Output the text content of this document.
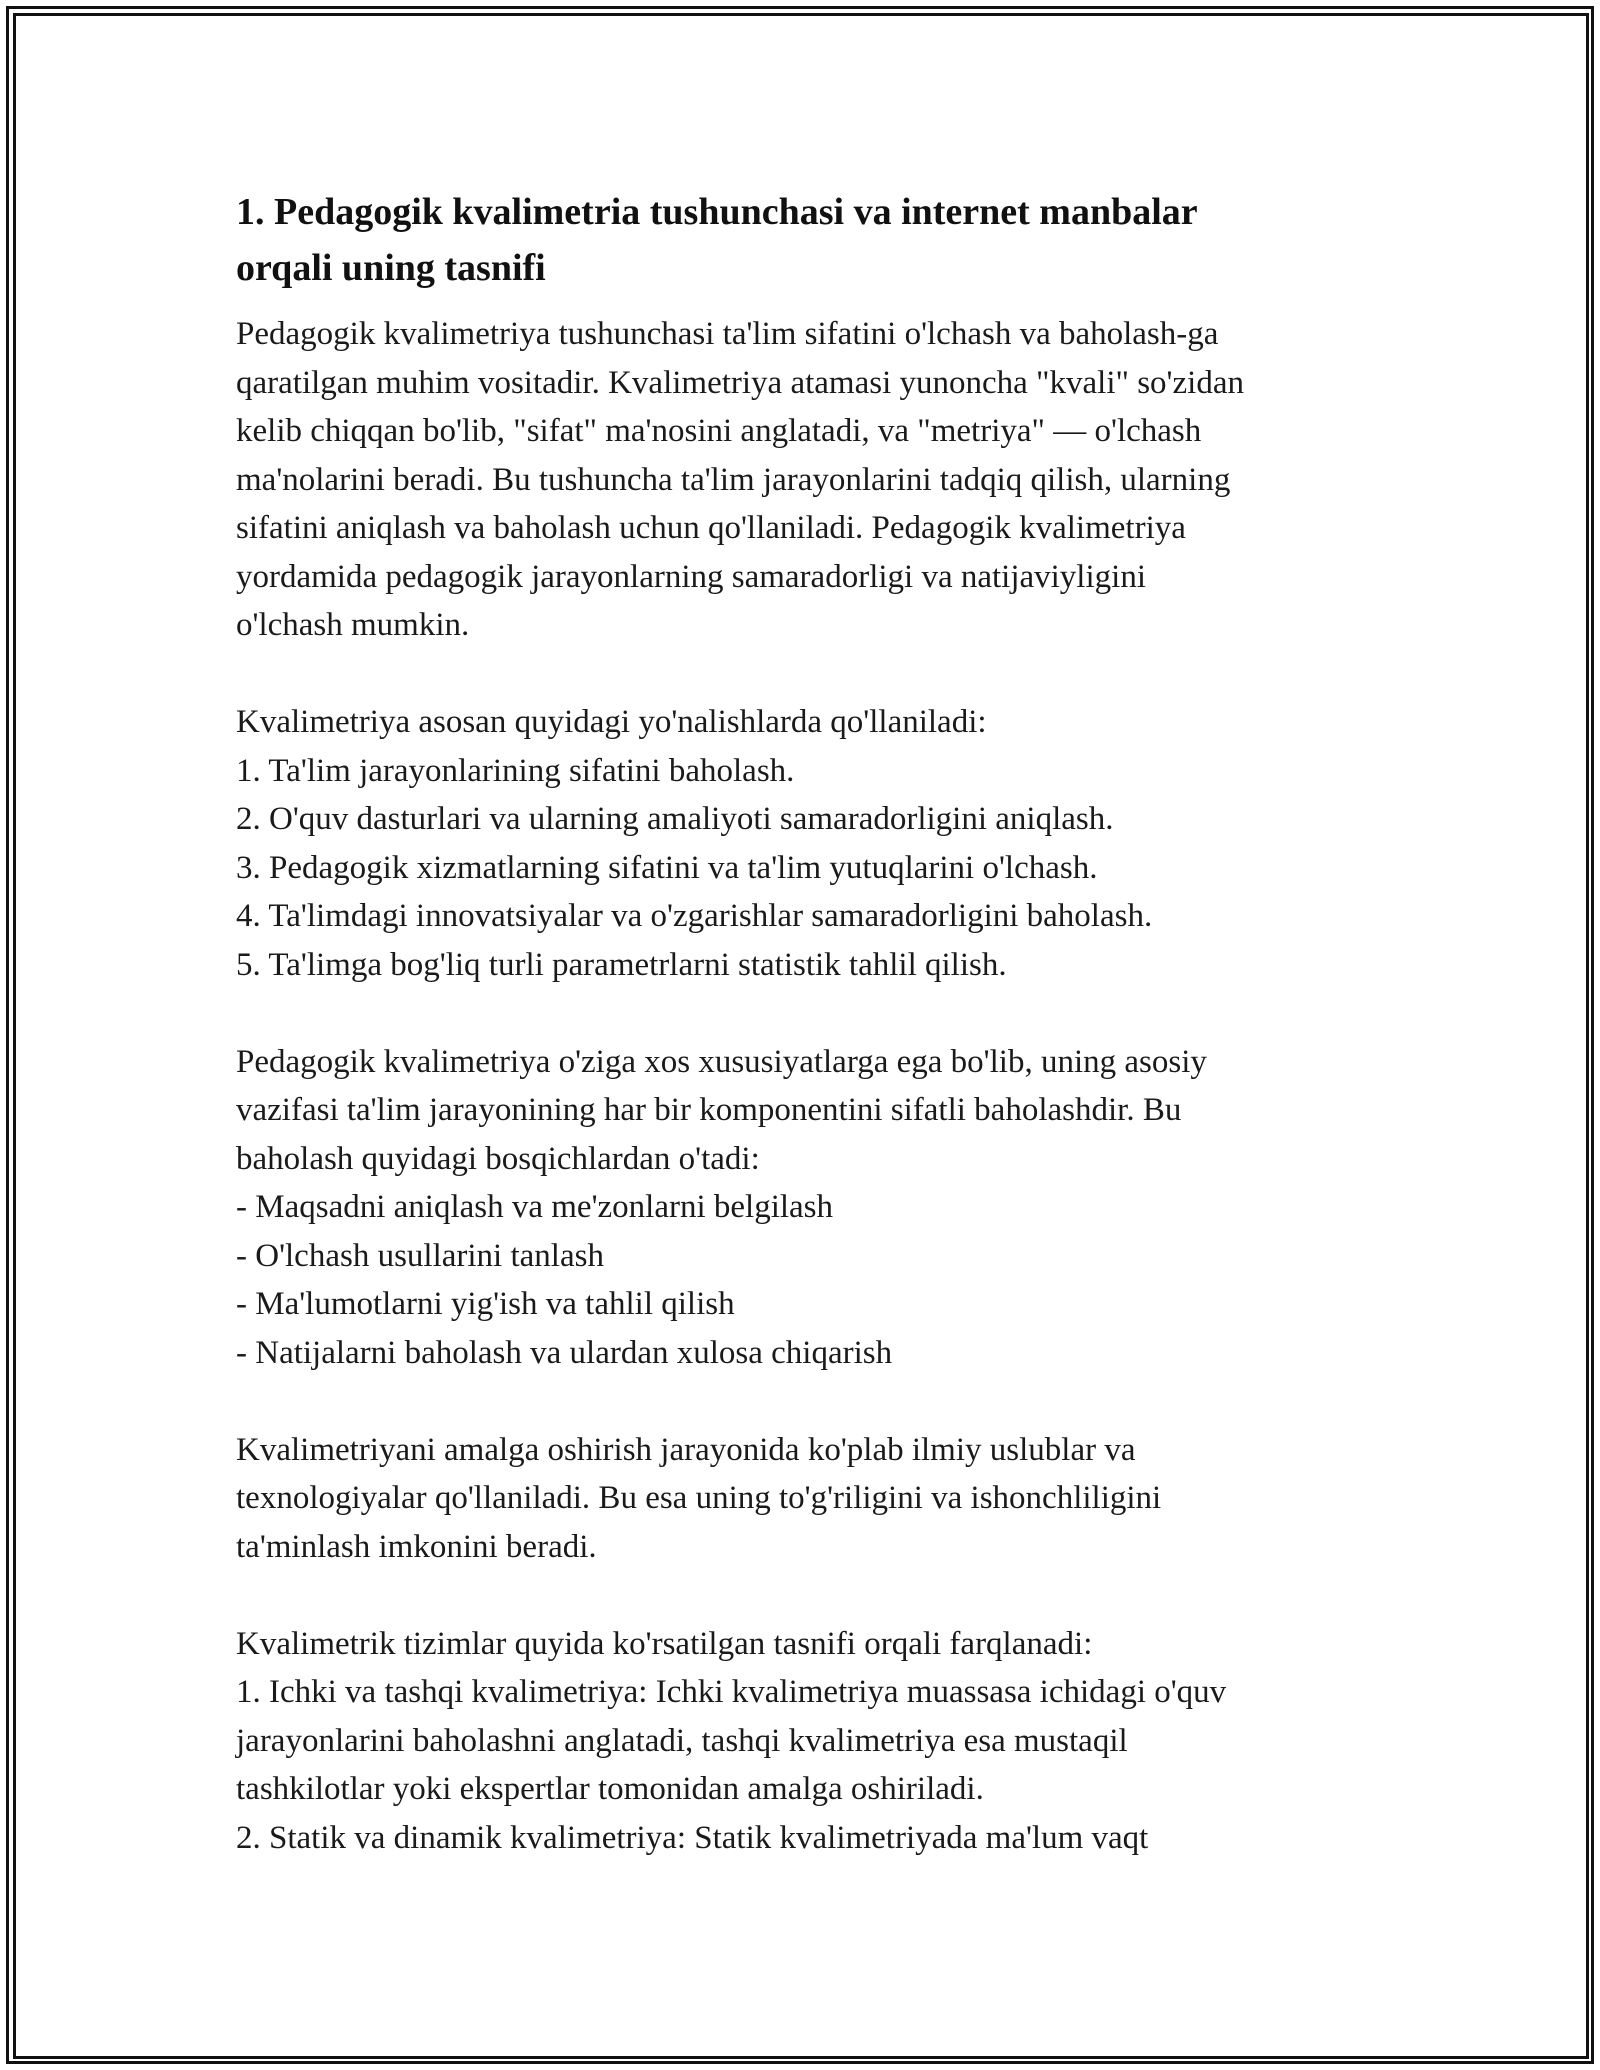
1. Pedagogik kvalimetria tushunchasi va internet manbalar
orqali uning tasnifi

Pedagogik kvalimetriya tushunchasi ta'lim sifatini o'lchash va baholash-ga
qaratilgan muhim vositadir. Kvalimetriya atamasi yunoncha "kvali" so'zidan
kelib chiqqan bo'lib, "sifat" ma'nosini anglatadi, va "metriya" — o'lchash
ma'nolarini beradi. Bu tushuncha ta'lim jarayonlarini tadqiq qilish, ularning
sifatini aniqlash va baholash uchun qo'llaniladi. Pedagogik kvalimetriya
yordamida pedagogik jarayonlarning samaradorligi va natijaviyligini
o'lchash mumkin.

Kvalimetriya asosan quyidagi yo'nalishlarda qo'llaniladi:
1. Ta'lim jarayonlarining sifatini baholash.
2. O'quv dasturlari va ularning amaliyoti samaradorligini aniqlash.
3. Pedagogik xizmatlarning sifatini va ta'lim yutuqlarini o'lchash.
4. Ta'limdagi innovatsiyalar va o'zgarishlar samaradorligini baholash.
5. Ta'limga bog'liq turli parametrlarni statistik tahlil qilish.

Pedagogik kvalimetriya o'ziga xos xususiyatlarga ega bo'lib, uning asosiy
vazifasi ta'lim jarayonining har bir komponentini sifatli baholashdir. Bu
baholash quyidagi bosqichlardan o'tadi:
- Maqsadni aniqlash va me'zonlarni belgilash
- O'lchash usullarini tanlash
- Ma'lumotlarni yig'ish va tahlil qilish
- Natijalarni baholash va ulardan xulosa chiqarish

Kvalimetriyani amalga oshirish jarayonida ko'plab ilmiy uslublar va
texnologiyalar qo'llaniladi. Bu esa uning to'g'riligini va ishonchliligini
ta'minlash imkonini beradi.

Kvalimetrik tizimlar quyida ko'rsatilgan tasnifi orqali farqlanadi:
1. Ichki va tashqi kvalimetriya: Ichki kvalimetriya muassasa ichidagi o'quv
jarayonlarini baholashni anglatadi, tashqi kvalimetriya esa mustaqil
tashkilotlar yoki ekspertlar tomonidan amalga oshiriladi.
2. Statik va dinamik kvalimetriya: Statik kvalimetriyada ma'lum vaqt
